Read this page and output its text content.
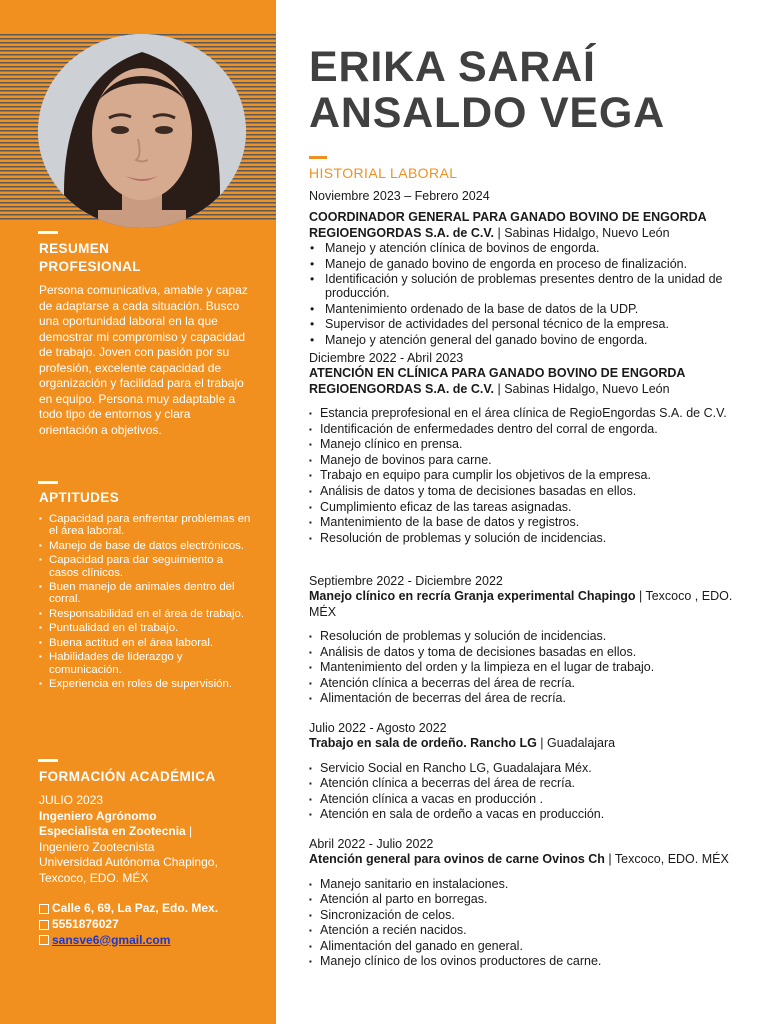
RESUMEN
PROFESIONAL
Persona comunicativa, amable y capaz de adaptarse a cada situación. Busco una oportunidad laboral en la que demostrar mi compromiso y capacidad de trabajo. Joven con pasión por su profesión, excelente capacidad de organización y facilidad para el trabajo en equipo. Persona muy adaptable a todo tipo de entornos y clara orientación a objetivos.
APTITUDES
▪ Capacidad para enfrentar problemas en el área laboral.
▪ Manejo de base de datos electrónicos.
▪ Capacidad para dar seguimiento a casos clínicos.
▪ Buen manejo de animales dentro del corral.
▪ Responsabilidad en el área de trabajo.
▪ Puntualidad en el trabajo.
▪ Buena actitud en el área laboral.
▪ Habilidades de liderazgo y comunicación.
▪ Experiencia en roles de supervisión.
FORMACIÓN ACADÉMICA
JULIO 2023
Ingeniero Agrónomo
Especialista en Zootecnia |
Ingeniero Zootecnista
Universidad Autónoma Chapingo,
Texcoco, EDO. MÉX
Calle 6, 69, La Paz, Edo. Mex.
5551876027
sansve6@gmail.com
ERIKA SARAÍ
ANSALDO VEGA
HISTORIAL LABORAL
Noviembre 2023 – Febrero 2024
COORDINADOR GENERAL PARA GANADO BOVINO DE ENGORDA
REGIOENGORDAS S.A. de C.V. | Sabinas Hidalgo, Nuevo León
• Manejo y atención clínica de bovinos de engorda.
• Manejo de ganado bovino de engorda en proceso de finalización.
• Identificación y solución de problemas presentes dentro de la unidad de producción.
• Mantenimiento ordenado de la base de datos de la UDP.
• Supervisor de actividades del personal técnico de la empresa.
• Manejo y atención general del ganado bovino de engorda.
Diciembre 2022 - Abril 2023
ATENCIÓN EN CLÍNICA PARA GANADO BOVINO DE ENGORDA
REGIOENGORDAS S.A. de C.V. | Sabinas Hidalgo, Nuevo León
▪ Estancia preprofesional en el área clínica de RegioEngordas S.A. de C.V.
▪ Identificación de enfermedades dentro del corral de engorda.
▪ Manejo clínico en prensa.
▪ Manejo de bovinos para carne.
▪ Trabajo en equipo para cumplir los objetivos de la empresa.
▪ Análisis de datos y toma de decisiones basadas en ellos.
▪ Cumplimiento eficaz de las tareas asignadas.
▪ Mantenimiento de la base de datos y registros.
▪ Resolución de problemas y solución de incidencias.
Septiembre 2022 - Diciembre 2022
Manejo clínico en recría Granja experimental Chapingo | Texcoco , EDO. MÉX
▪ Resolución de problemas y solución de incidencias.
▪ Análisis de datos y toma de decisiones basadas en ellos.
▪ Mantenimiento del orden y la limpieza en el lugar de trabajo.
▪ Atención clínica a becerras del área de recría.
▪ Alimentación de becerras del área de recría.
Julio 2022 - Agosto 2022
Trabajo en sala de ordeño. Rancho LG | Guadalajara
▪ Servicio Social en Rancho LG, Guadalajara Méx.
▪ Atención clínica a becerras del área de recría.
▪ Atención clínica a vacas en producción .
▪ Atención en sala de ordeño a vacas en producción.
Abril 2022 - Julio 2022
Atención general para ovinos de carne Ovinos Ch | Texcoco, EDO. MÉX
▪ Manejo sanitario en instalaciones.
▪ Atención al parto en borregas.
▪ Sincronización de celos.
▪ Atención a recién nacidos.
▪ Alimentación del ganado en general.
▪ Manejo clínico de los ovinos productores de carne.
